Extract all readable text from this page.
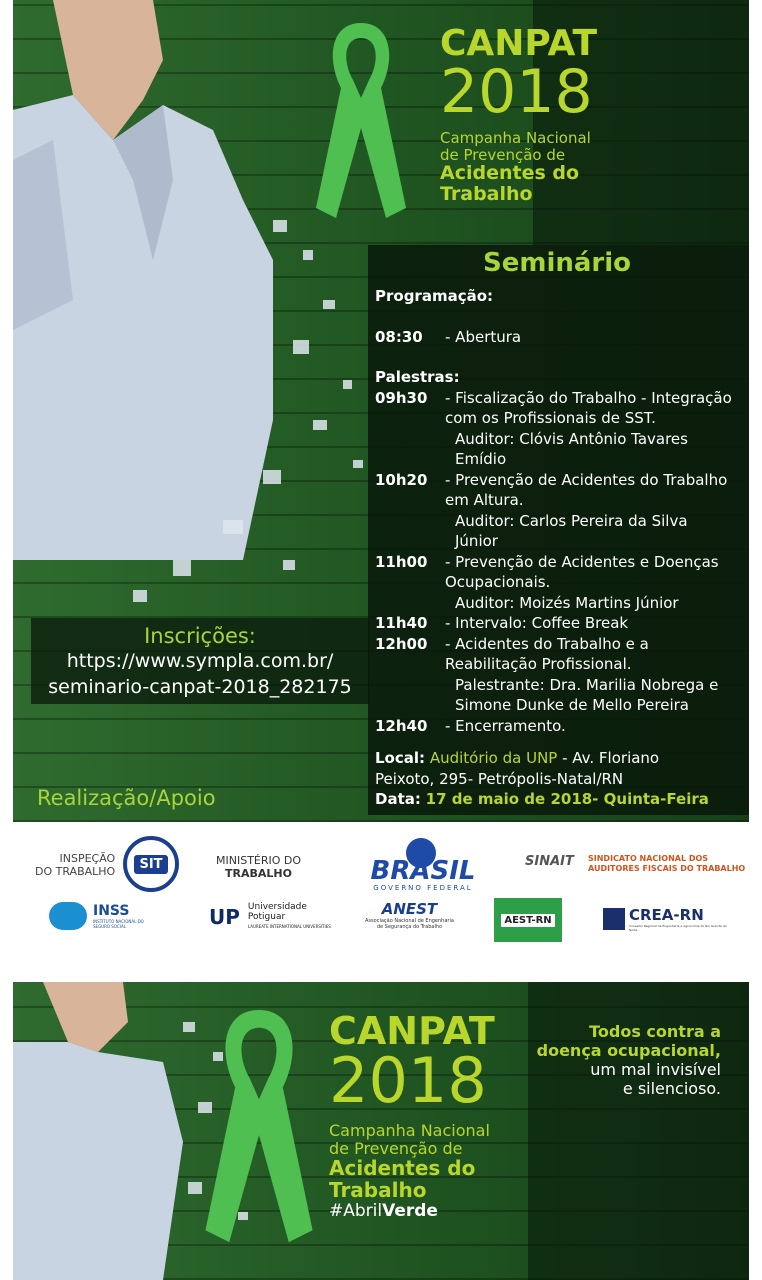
CANPAT
2018
Campanha Nacional
de Prevenção de
Acidentes do
Trabalho
Seminário
Programação:
08:30	- Abertura
Palestras:
09h30	- Fiscalização do Trabalho - Integração
com os Profissionais de SST.
Auditor: Clóvis Antônio Tavares
Emídio
10h20	- Prevenção de Acidentes do Trabalho
em Altura.
Auditor: Carlos Pereira da Silva
Júnior
11h00	- Prevenção de Acidentes e Doenças
Ocupacionais.
Auditor: Moizés Martins Júnior
11h40	- Intervalo: Coffee Break
12h00	- Acidentes do Trabalho e a
Reabilitação Profissional.
Palestrante: Dra. Marilia Nobrega e
Simone Dunke de Mello Pereira
12h40	- Encerramento.
Local: Auditório da UNP - Av. Floriano
Peixoto, 295- Petrópolis-Natal/RN
Data: 17 de maio de 2018- Quinta-Feira
Inscrições:
https://www.sympla.com.br/
seminario-canpat-2018_282175
Realização/Apoio
INSPEÇÃO
DO TRABALHO	SIT	MINISTÉRIO DO
TRABALHO	BRASIL
GOVERNO FEDERAL
SINAIT SINDICATO NACIONAL DOS
AUDITORES FISCAIS DO TRABALHO
INSS
INSTITUTO NACIONAL DO SEGURO SOCIAL	UP Universidade
Potiguar
LAUREATE INTERNATIONAL UNIVERSITIES
ANEST
Associação Nacional de Engenharia
de Segurança do Trabalho
AEST-RN	CREA-RN
Conselho Regional de Engenharia e Agronomia do Rio Grande do Norte
CANPAT
2018
Campanha Nacional
de Prevenção de
Acidentes do
Trabalho
#AbrilVerde
Todos contra a
doença ocupacional,
um mal invisível
e silencioso.
